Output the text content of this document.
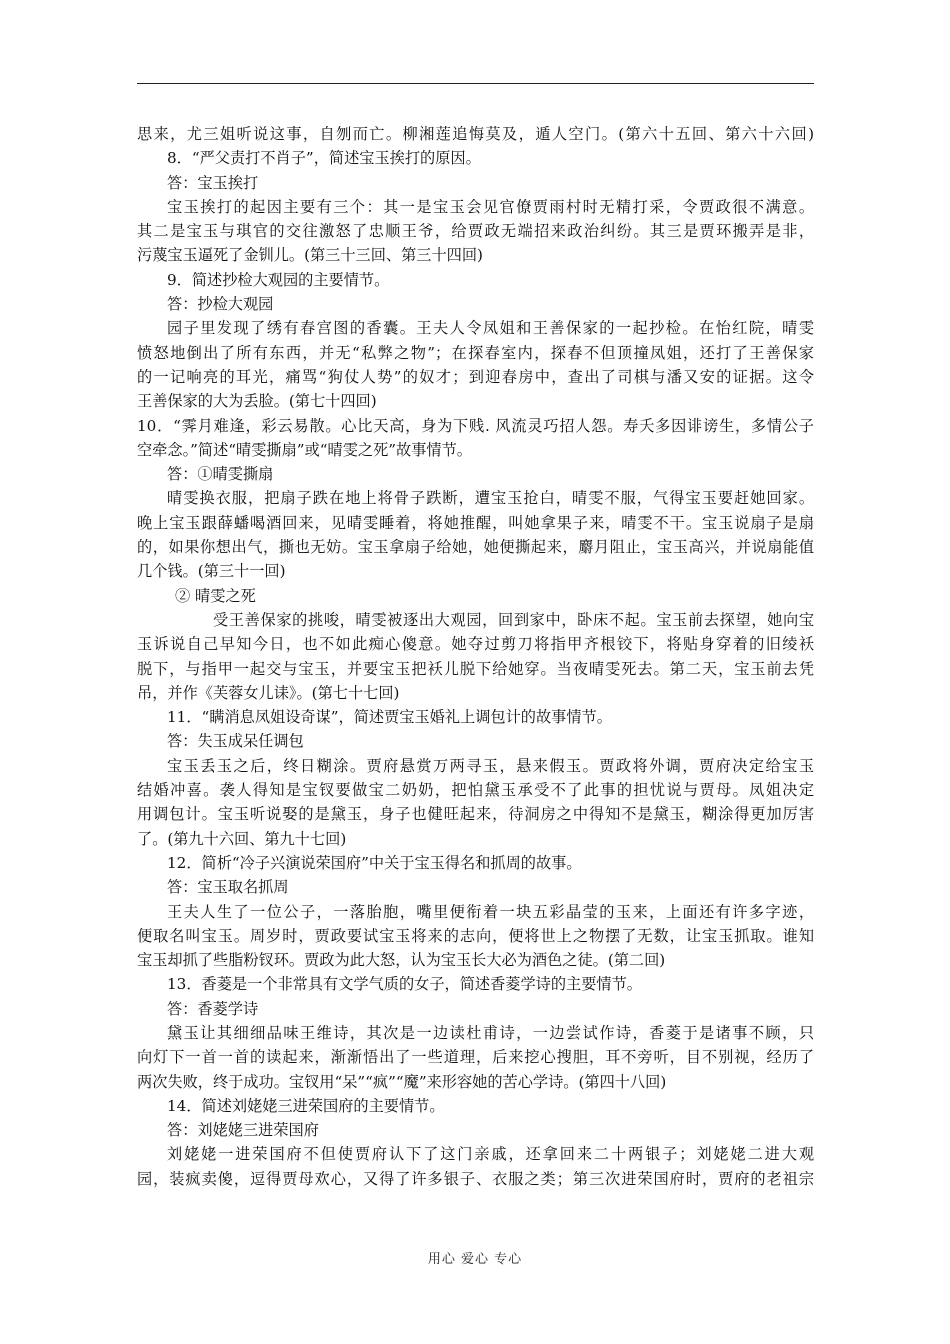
思来，尤三姐听说这事，自刎而亡。柳湘莲追悔莫及，遁人空门。(第六十五回、第六十六回)
8．“严父责打不肖子”，简述宝玉挨打的原因。
答：宝玉挨打
宝玉挨打的起因主要有三个：其一是宝玉会见官僚贾雨村时无精打采，令贾政很不满意。
其二是宝玉与琪官的交往激怒了忠顺王爷，给贾政无端招来政治纠纷。其三是贾环搬弄是非，
污蔑宝玉逼死了金钏儿。(第三十三回、第三十四回)
9．简述抄检大观园的主要情节。
答：抄检大观园
园子里发现了绣有春宫图的香囊。王夫人令凤姐和王善保家的一起抄检。在怡红院，晴雯
愤怒地倒出了所有东西，并无“私弊之物”；在探春室内，探春不但顶撞凤姐，还打了王善保家
的一记响亮的耳光，痛骂“狗仗人势”的奴才；到迎春房中，查出了司棋与潘又安的证据。这令
王善保家的大为丢脸。(第七十四回)
10．“霁月难逢，彩云易散。心比天高，身为下贱. 风流灵巧招人怨。寿夭多因诽谤生，多情公子
空牵念。”简述“晴雯撕扇”或“晴雯之死”故事情节。
答：①晴雯撕扇
晴雯换衣服，把扇子跌在地上将骨子跌断，遭宝玉抢白，晴雯不服，气得宝玉要赶她回家。
晚上宝玉跟薛蟠喝酒回来，见晴雯睡着，将她推醒，叫她拿果子来，晴雯不干。宝玉说扇子是扇
的，如果你想出气，撕也无妨。宝玉拿扇子给她，她便撕起来，麝月阻止，宝玉高兴，并说扇能值
几个钱。(第三十一回)
② 晴雯之死
受王善保家的挑唆，晴雯被逐出大观园，回到家中，卧床不起。宝玉前去探望，她向宝
玉诉说自己早知今日，也不如此痴心傻意。她夺过剪刀将指甲齐根铰下，将贴身穿着的旧绫袄
脱下，与指甲一起交与宝玉，并要宝玉把袄儿脱下给她穿。当夜晴雯死去。第二天，宝玉前去凭
吊，并作《芙蓉女儿诔》。(第七十七回)
11．“瞒消息凤姐设奇谋”，简述贾宝玉婚礼上调包计的故事情节。
答：失玉成呆任调包
宝玉丢玉之后，终日糊涂。贾府悬赏万两寻玉，悬来假玉。贾政将外调，贾府决定给宝玉
结婚冲喜。袭人得知是宝钗要做宝二奶奶，把怕黛玉承受不了此事的担忧说与贾母。凤姐决定
用调包计。宝玉听说娶的是黛玉，身子也健旺起来，待洞房之中得知不是黛玉，糊涂得更加厉害
了。(第九十六回、第九十七回)
12．简析“冷子兴演说荣国府”中关于宝玉得名和抓周的故事。
答：宝玉取名抓周
王夫人生了一位公子，一落胎胞，嘴里便衔着一块五彩晶莹的玉来，上面还有许多字迹，
便取名叫宝玉。周岁时，贾政要试宝玉将来的志向，便将世上之物摆了无数，让宝玉抓取。谁知
宝玉却抓了些脂粉钗环。贾政为此大怒，认为宝玉长大必为酒色之徒。(第二回)
13．香菱是一个非常具有文学气质的女子，简述香菱学诗的主要情节。
答：香菱学诗
黛玉让其细细品味王维诗，其次是一边读杜甫诗，一边尝试作诗，香菱于是诸事不顾，只
向灯下一首一首的读起来，渐渐悟出了一些道理，后来挖心搜胆，耳不旁听，目不别视，经历了
两次失败，终于成功。宝钗用“呆”“疯”“魔”来形容她的苦心学诗。(第四十八回)
14．简述刘姥姥三进荣国府的主要情节。
答：刘姥姥三进荣国府
刘姥姥一进荣国府不但使贾府认下了这门亲戚，还拿回来二十两银子；刘姥姥二进大观
园，装疯卖傻，逗得贾母欢心，又得了许多银子、衣服之类；第三次进荣国府时，贾府的老祖宗
用心 爱心 专心
